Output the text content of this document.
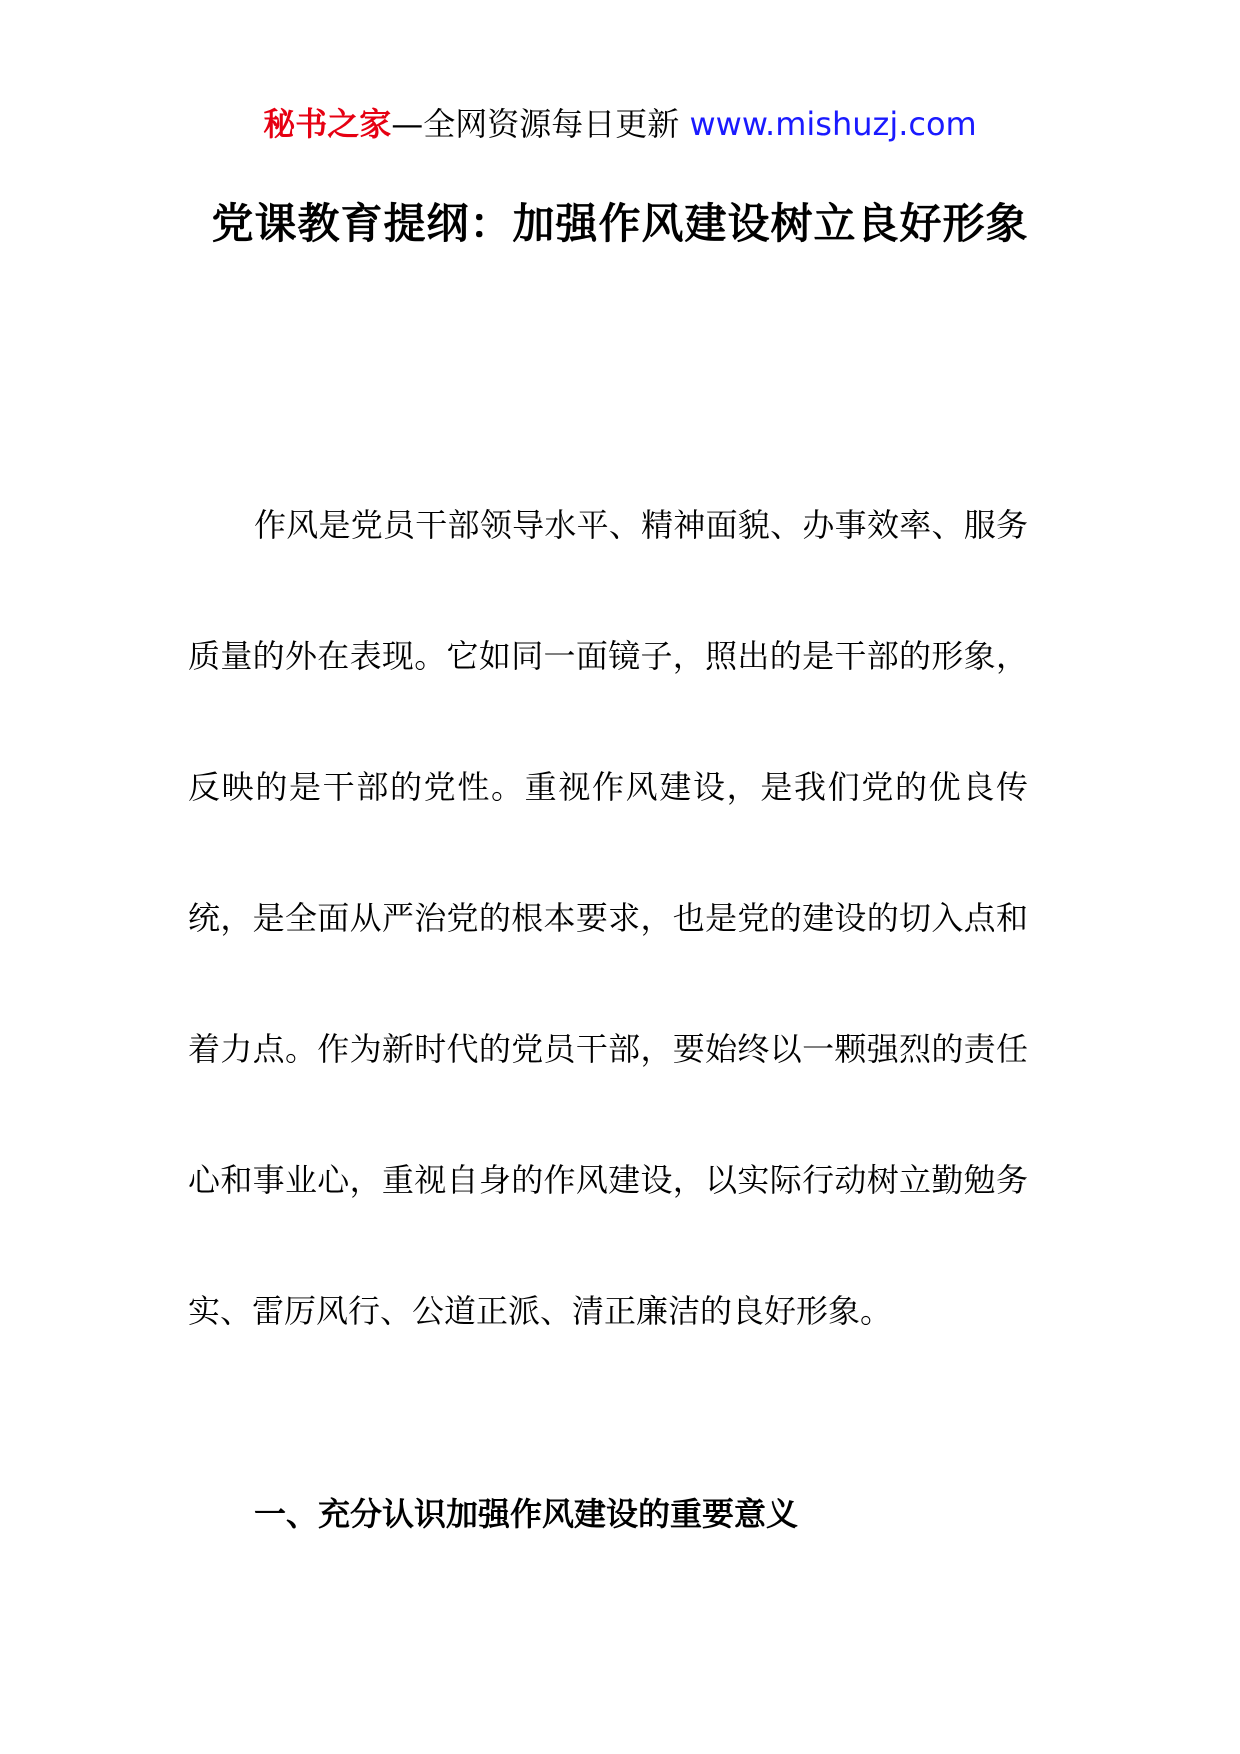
秘书之家—全网资源每日更新 www.mishuzj.com
党课教育提纲：加强作风建设树立良好形象

作风是党员干部领导水平、精神面貌、办事效率、服务质量的外在表现。它如同一面镜子，照出的是干部的形象，反映的是干部的党性。重视作风建设，是我们党的优良传统，是全面从严治党的根本要求，也是党的建设的切入点和着力点。作为新时代的党员干部，要始终以一颗强烈的责任心和事业心，重视自身的作风建设，以实际行动树立勤勉务实、雷厉风行、公道正派、清正廉洁的良好形象。

一、充分认识加强作风建设的重要意义
